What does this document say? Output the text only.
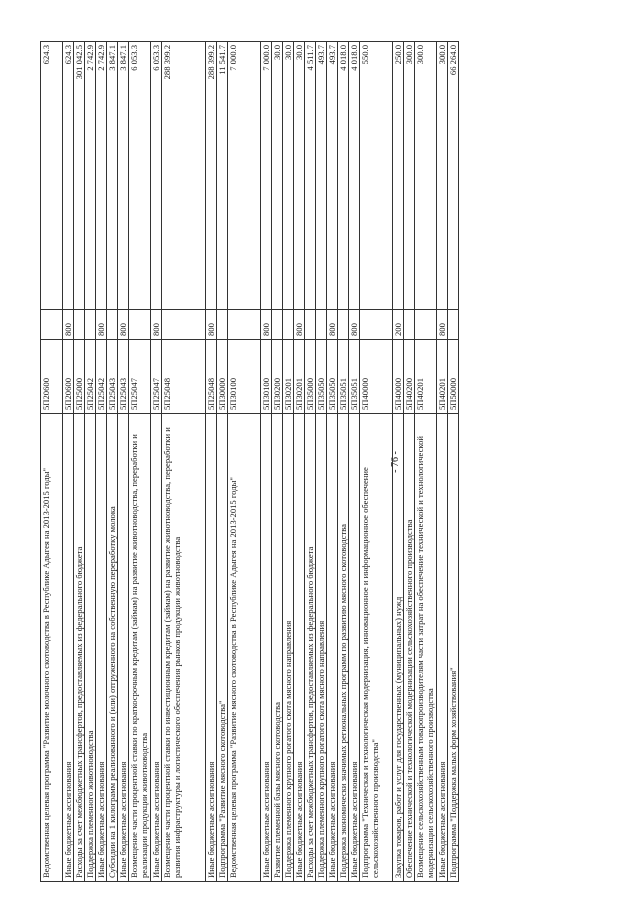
- 76 -
Ведомственная целевая программа "Развитие молочного скотоводства в Республике Адыгея на 2013-2015 годы"	5П20600		624.3
Иные бюджетные ассигнования	5П20600	800	624.3
Расходы за счет межбюджетных трансфертов, предоставляемых из федерального бюджета	5П25000		301 042.5
Поддержка племенного животноводства	5П25042		2 742.9
Иные бюджетные ассигнования	5П25042	800	2 742.9
Субсидии на 1 килограмм реализованного и (или) отгруженного на собственную переработку молока	5П25043		3 847.1
Иные бюджетные ассигнования	5П25043	800	3 847.1
Возмещение части процентной ставки по краткосрочным кредитам (займам) на развитие животноводства, переработки и реализации продукции животноводства	5П25047		6 053.3
Иные бюджетные ассигнования	5П25047	800	6 053.3
Возмещение части процентной ставки по инвестиционным кредитам (займам) на развитие животноводства, переработки и развития инфраструктуры и логистического обеспечения рынков продукции животноводства	5П25048		288 399.2
Иные бюджетные ассигнования	5П25048	800	288 399.2
Подпрограмма "Развитие мясного скотоводства"	5П30000		11 541.7
Ведомственная целевая программа "Развитие мясного скотоводства в Республике Адыгея на 2013-2015 годы"	5П30100		7 000.0
Иные бюджетные ассигнования	5П30100	800	7 000.0
Развитие племенной базы мясного скотоводства	5П30200		30.0
Поддержка племенного крупного рогатого скота мясного направления	5П30201		30.0
Иные бюджетные ассигнования	5П30201	800	30.0
Расходы за счет межбюджетных трансфертов, предоставляемых из федерального бюджета	5П35000		4 511.7
Поддержка племенного крупного рогатого скота мясного направления	5П35050		493.7
Иные бюджетные ассигнования	5П35050	800	493.7
Поддержка экономически значимых региональных программ по развитию мясного скотоводства	5П35051		4 018.0
Иные бюджетные ассигнования	5П35051	800	4 018.0
Подпрограмма "Техническая и технологическая модернизация, инновационное и информационное обеспечение сельскохозяйственного производства"	5П40000		550.0
Закупка товаров, работ и услуг для государственных (муниципальных) нужд	5П40000	200	250.0
Обеспечение технической и технологической модернизации сельскохозяйственного производства	5П40200		300.0
Возмещение сельскохозяйственным товаропроизводителям части затрат на обеспечение технической и технологической модернизации сельскохозяйственного производства	5П40201		300.0
Иные бюджетные ассигнования	5П40201	800	300.0
Подпрограмма "Поддержка малых форм хозяйствования"	5П50000		66 264.0
